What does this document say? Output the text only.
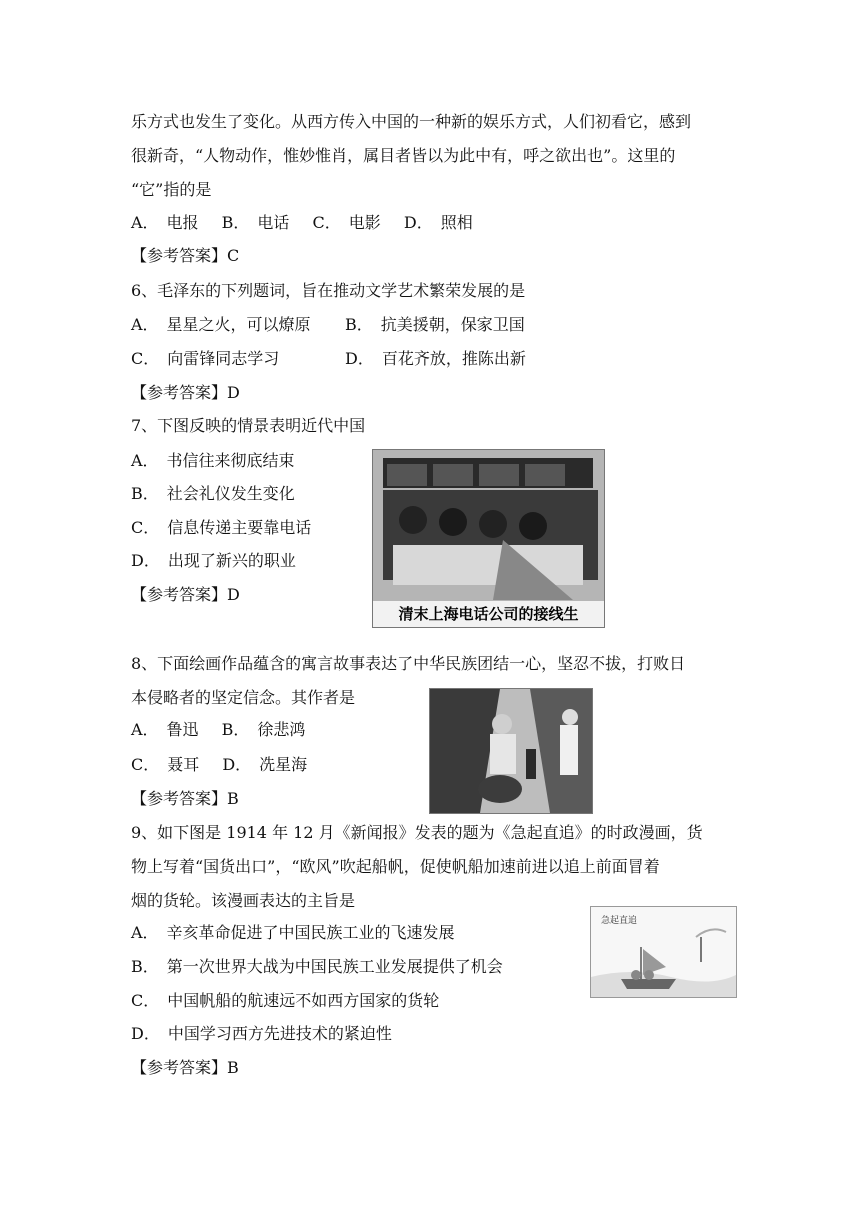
乐方式也发生了变化。从西方传入中国的一种新的娱乐方式，人们初看它，感到
很新奇，“人物动作，惟妙惟肖，属目者皆以为此中有，呼之欲出也”。这里的
“它”指的是
A．　电报 B．　电话 C．　电影 D．　照相
【参考答案】C
6、毛泽东的下列题词，旨在推动文学艺术繁荣发展的是
A．　星星之火，可以燎原 B．　抗美援朝，保家卫国
C．　向雷锋同志学习	D．　百花齐放，推陈出新
【参考答案】D
7、下图反映的情景表明近代中国
A．　书信往来彻底结束
B．　社会礼仪发生变化
C．　信息传递主要靠电话
D．　出现了新兴的职业
【参考答案】D
清末上海电话公司的接线生
8、下面绘画作品蕴含的寓言故事表达了中华民族团结一心，坚忍不拔，打败日
本侵略者的坚定信念。其作者是
A．　鲁迅 B．　徐悲鸿
C．　聂耳 D．　冼星海
【参考答案】B
9、如下图是 1914 年 12 月《新闻报》发表的题为《急起直追》的时政漫画，货
物上写着“国货出口”，“欧风”吹起船帆，促使帆船加速前进以追上前面冒着
烟的货轮。该漫画表达的主旨是
A．　辛亥革命促进了中国民族工业的飞速发展
B．　第一次世界大战为中国民族工业发展提供了机会
C．　中国帆船的航速远不如西方国家的货轮
D．　中国学习西方先进技术的紧迫性
【参考答案】B
急起直追
